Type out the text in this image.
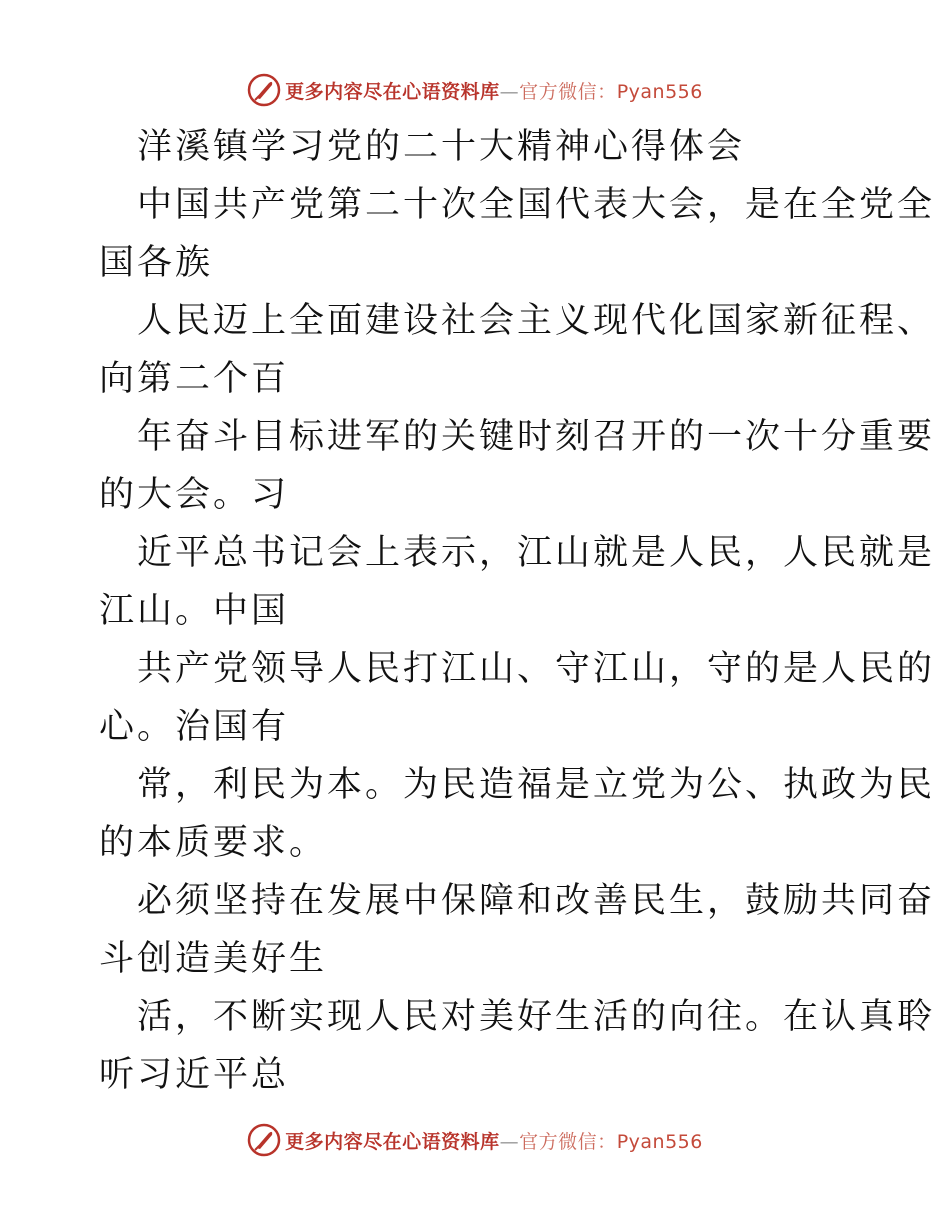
更多内容尽在心语资料库—官方微信：Pyan556
洋溪镇学习党的二十大精神心得体会
中国共产党第二十次全国代表大会，是在全党全
国各族
人民迈上全面建设社会主义现代化国家新征程、
向第二个百
年奋斗目标进军的关键时刻召开的一次十分重要
的大会。习
近平总书记会上表示，江山就是人民，人民就是
江山。中国
共产党领导人民打江山、守江山，守的是人民的
心。治国有
常，利民为本。为民造福是立党为公、执政为民
的本质要求。
必须坚持在发展中保障和改善民生，鼓励共同奋
斗创造美好生
活，不断实现人民对美好生活的向往。在认真聆
听习近平总
更多内容尽在心语资料库—官方微信：Pyan556
